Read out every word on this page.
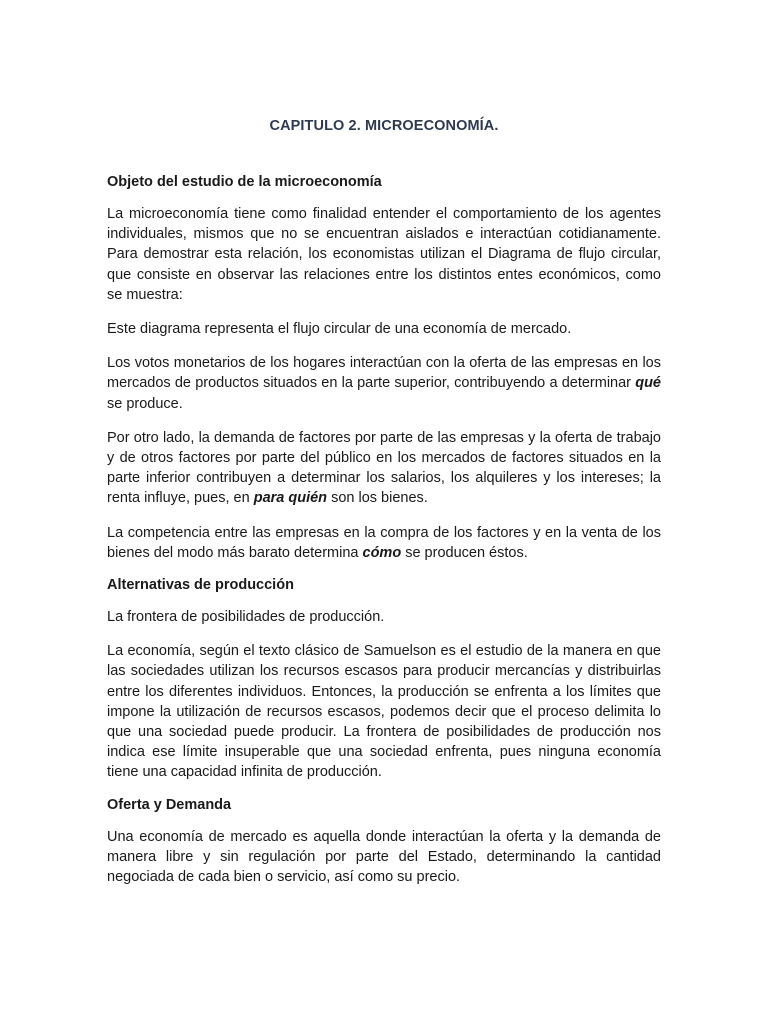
CAPITULO 2. MICROECONOMÍA.
Objeto del estudio de la microeconomía

La microeconomía tiene como finalidad entender el comportamiento de los agentes individuales, mismos que no se encuentran aislados e interactúan cotidianamente. Para demostrar esta relación, los economistas utilizan el Diagrama de flujo circular, que consiste en observar las relaciones entre los distintos entes económicos, como se muestra:

Este diagrama representa el flujo circular de una economía de mercado.

Los votos monetarios de los hogares interactúan con la oferta de las empresas en los mercados de productos situados en la parte superior, contribuyendo a determinar qué se produce.

Por otro lado, la demanda de factores por parte de las empresas y la oferta de trabajo y de otros factores por parte del público en los mercados de factores situados en la parte inferior contribuyen a determinar los salarios, los alquileres y los intereses; la renta influye, pues, en para quién son los bienes.

La competencia entre las empresas en la compra de los factores y en la venta de los bienes del modo más barato determina cómo se producen éstos.

Alternativas de producción

La frontera de posibilidades de producción.

La economía, según el texto clásico de Samuelson es el estudio de la manera en que las sociedades utilizan los recursos escasos para producir mercancías y distribuirlas entre los diferentes individuos. Entonces, la producción se enfrenta a los límites que impone la utilización de recursos escasos, podemos decir que el proceso delimita lo que una sociedad puede producir. La frontera de posibilidades de producción nos indica ese límite insuperable que una sociedad enfrenta, pues ninguna economía tiene una capacidad infinita de producción.

Oferta y Demanda

Una economía de mercado es aquella donde interactúan la oferta y la demanda de manera libre y sin regulación por parte del Estado, determinando la cantidad negociada de cada bien o servicio, así como su precio.
